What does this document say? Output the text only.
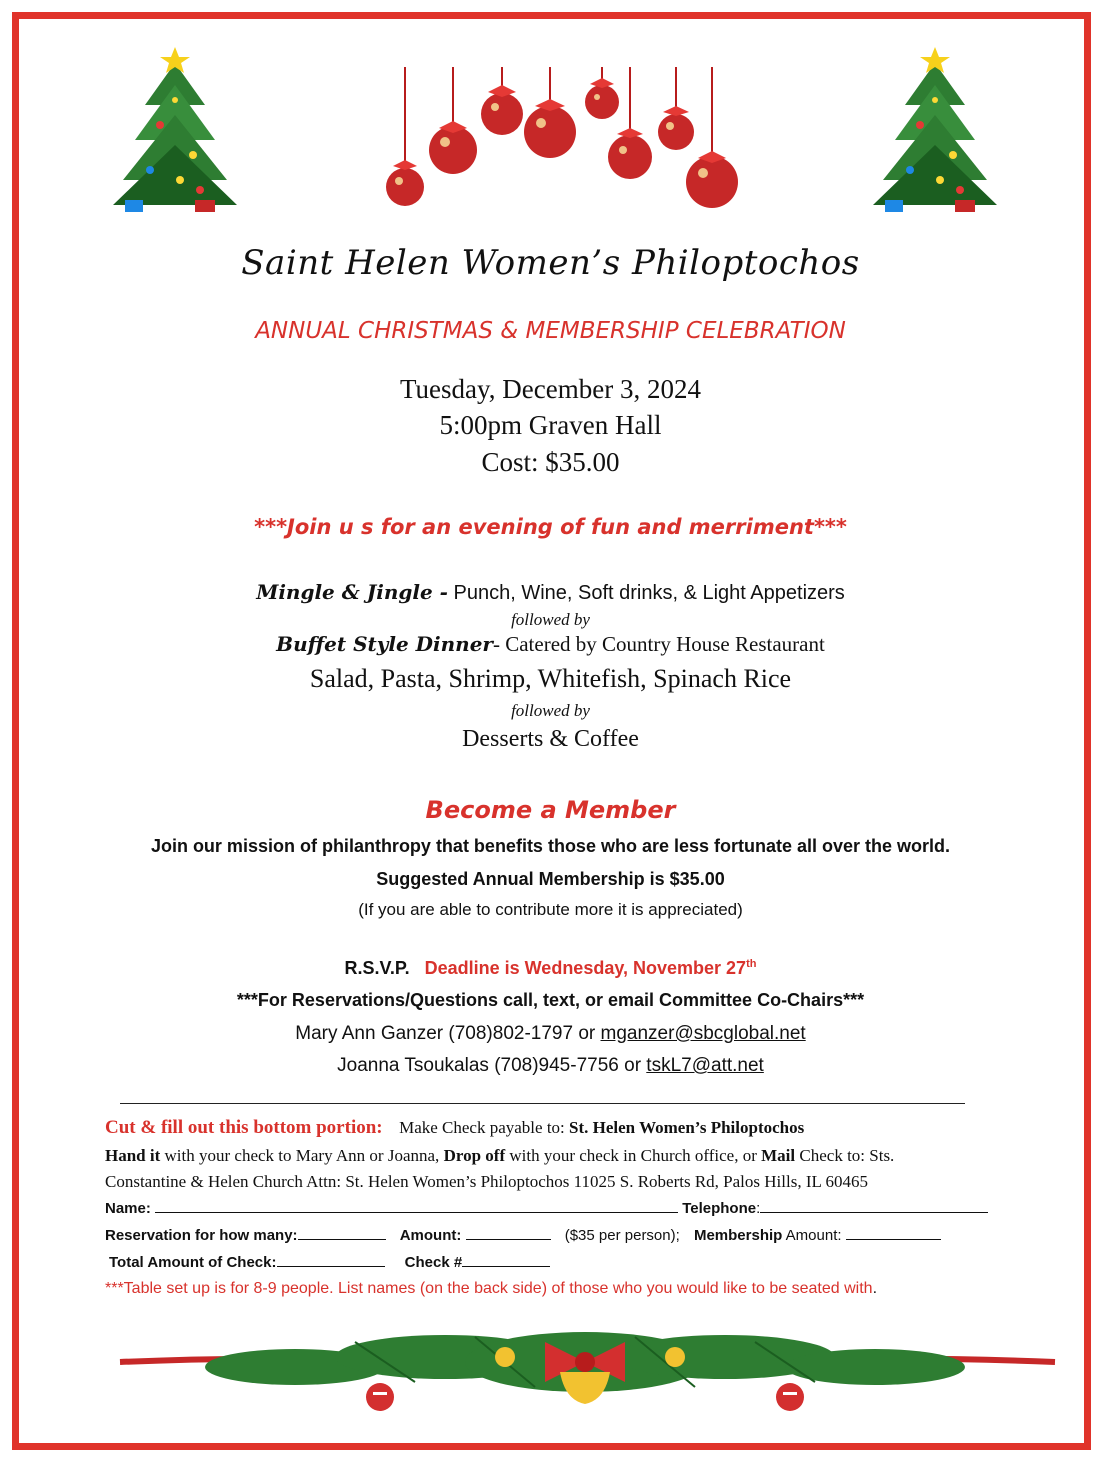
Saint Helen Women’s Philoptochos
ANNUAL CHRISTMAS & MEMBERSHIP CELEBRATION
Tuesday, December 3, 2024
5:00pm Graven Hall
Cost: $35.00
***Join u s for an evening of fun and merriment***
Mingle & Jingle - Punch, Wine, Soft drinks, & Light Appetizers
followed by
Buffet Style Dinner- Catered by Country House Restaurant
Salad, Pasta, Shrimp, Whitefish, Spinach Rice
followed by
Desserts & Coffee
Become a Member
Join our mission of philanthropy that benefits those who are less fortunate all over the world.
Suggested Annual Membership is $35.00
(If you are able to contribute more it is appreciated)
R.S.V.P. Deadline is Wednesday, November 27th
***For Reservations/Questions call, text, or email Committee Co-Chairs***
Mary Ann Ganzer (708)802-1797 or mganzer@sbcglobal.net
Joanna Tsoukalas (708)945-7756 or tskL7@att.net
Cut & fill out this bottom portion: Make Check payable to: St. Helen Women’s Philoptochos
Hand it with your check to Mary Ann or Joanna, Drop off with your check in Church office, or Mail Check to: Sts.
Constantine & Helen Church Attn: St. Helen Women’s Philoptochos 11025 S. Roberts Rd, Palos Hills, IL 60465
Name:	Telephone:
Reservation for how many:	Amount:	($35 per person); Membership Amount:
Total Amount of Check:	Check #
***Table set up is for 8-9 people. List names (on the back side) of those who you would like to be seated with.
